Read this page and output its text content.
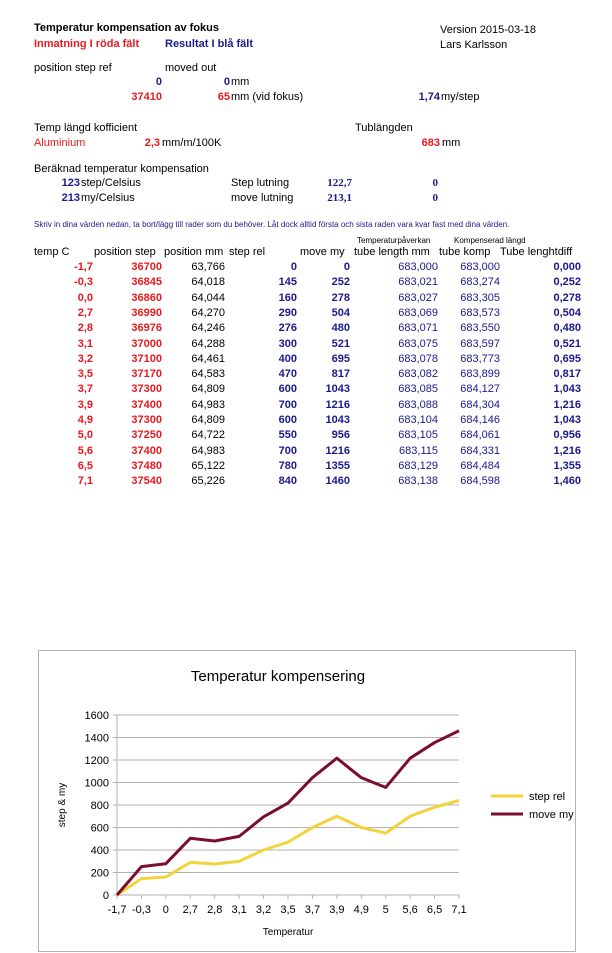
Temperatur kompensation av fokus	Version 2015-03-18
Inmatning I röda fält Resultat I blå fält	Lars Karlsson
position step ref	moved out
0	0 mm
37410	65 mm (vid fokus)	1,74 my/step
Temp längd kofficient	Tublängden
Aluminium	2,3 mm/m/100K	683 mm
Beräknad temperatur kompensation
123 step/Celsius	Step lutning	122,7	0
213 my/Celsius	move lutning	213,1	0
Skriv in dina värden nedan, ta bort/lägg till rader som du behöver. Låt dock alltid första och sista raden vara kvar fast med dina värden.
Temperaturpåverkan	Kompenserad längd
temp C position step position mm step rel	move my tube length mm tube komp Tube lenghtdiff
-1,7	36700	63,766	0	0	683,000	683,000	0,000
-0,3	36845	64,018	145	252	683,021	683,274	0,252
0,0	36860	64,044	160	278	683,027	683,305	0,278
2,7	36990	64,270	290	504	683,069	683,573	0,504
2,8	36976	64,246	276	480	683,071	683,550	0,480
3,1	37000	64,288	300	521	683,075	683,597	0,521
3,2	37100	64,461	400	695	683,078	683,773	0,695
3,5	37170	64,583	470	817	683,082	683,899	0,817
3,7	37300	64,809	600	1043	683,085	684,127	1,043
3,9	37400	64,983	700	1216	683,088	684,304	1,216
4,9	37300	64,809	600	1043	683,104	684,146	1,043
5,0	37250	64,722	550	956	683,105	684,061	0,956
5,6	37400	64,983	700	1216	683,115	684,331	1,216
6,5	37480	65,122	780	1355	683,129	684,484	1,355
7,1	37540	65,226	840	1460	683,138	684,598	1,460
Temperatur kompensering
0
200
400
600
800
1000
1200
1400
1600
-1,7 -0,3 0 2,7 2,8 3,1 3,2 3,5 3,7 3,9 4,9 5 5,6 6,5 7,1
Temperatur
step & my	step rel
move my
